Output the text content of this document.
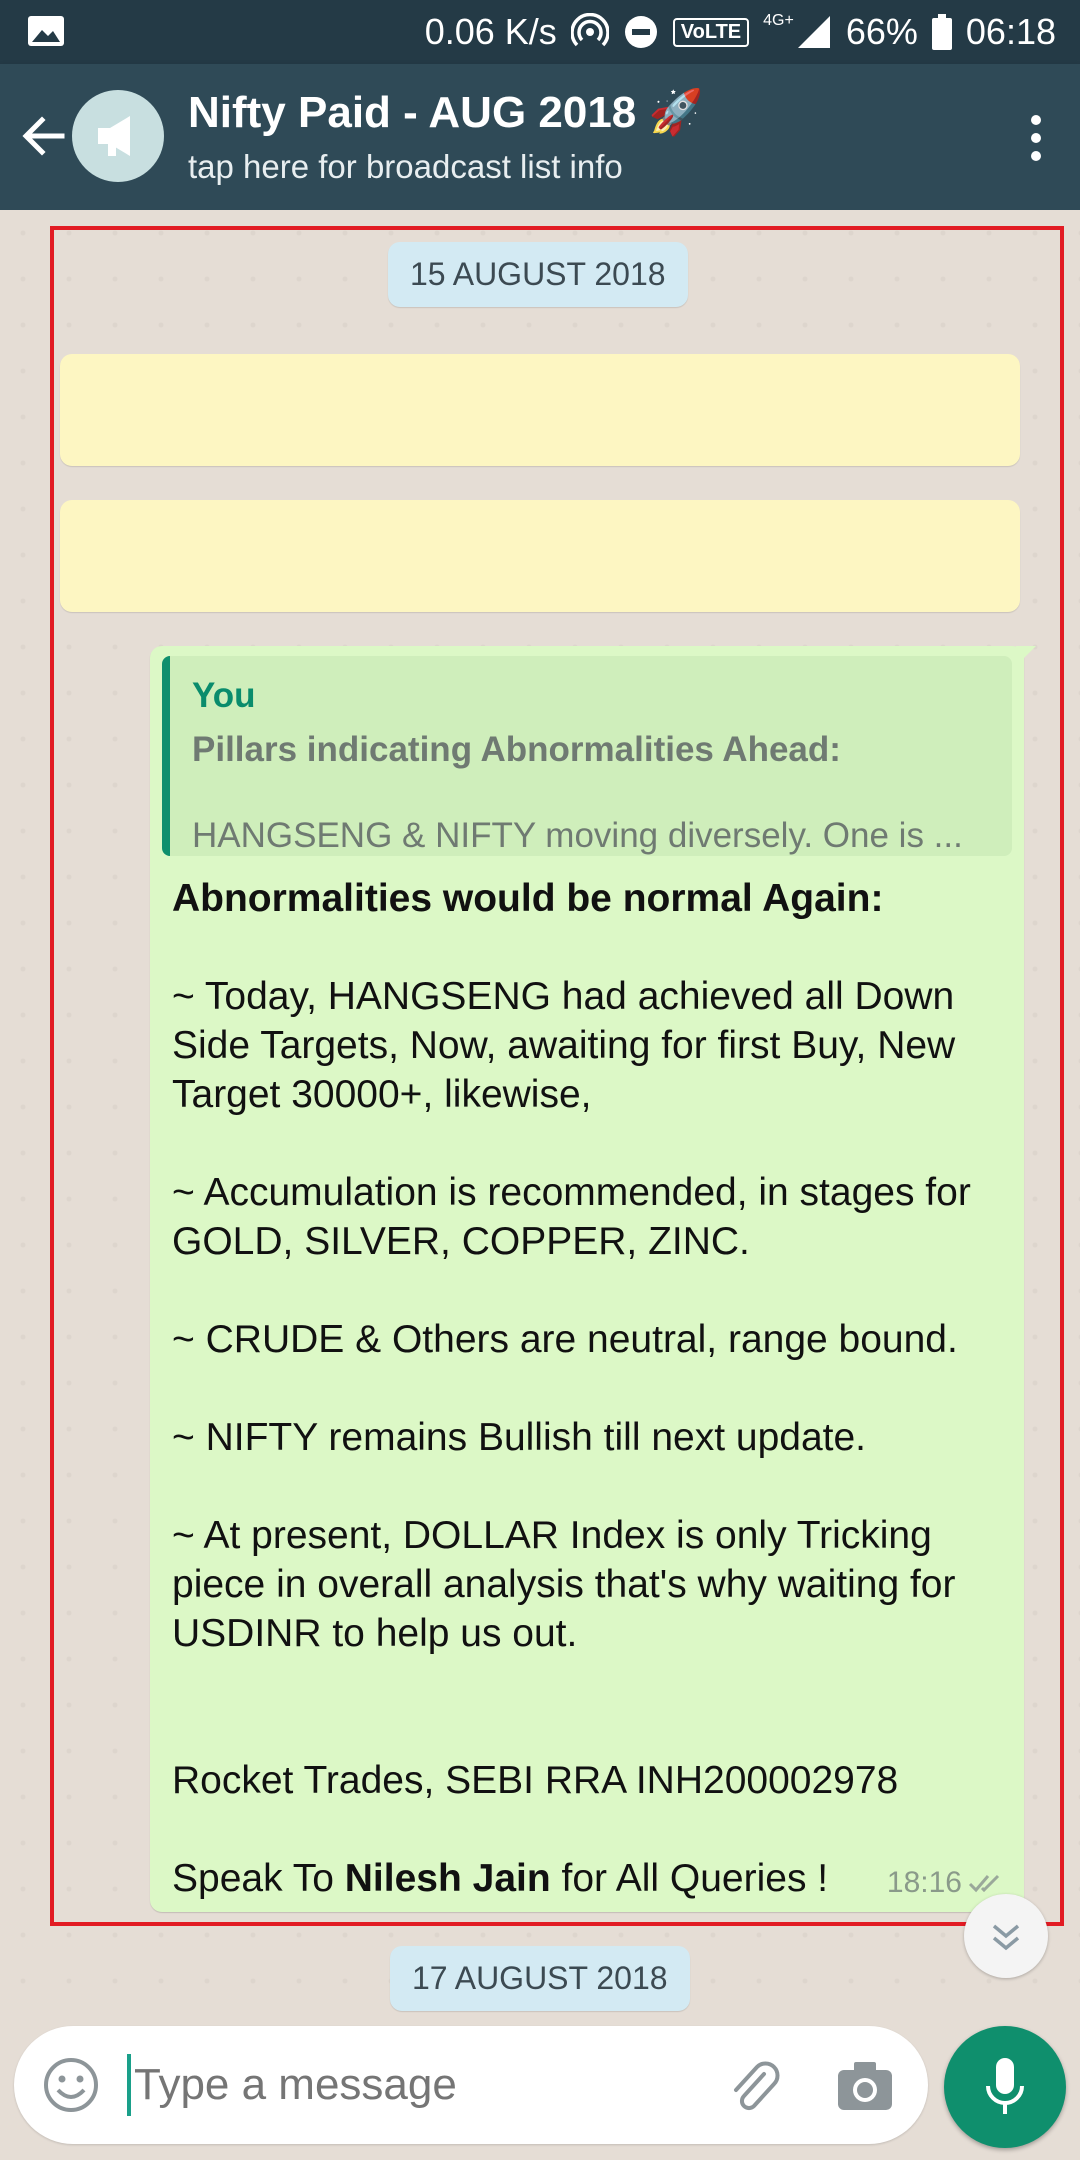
0.06 K/s	VoLTE	4G+ 66% 06:18
Nifty Paid - AUG 2018 🚀
tap here for broadcast list info
15 AUGUST 2018
You
Pillars indicating Abnormalities Ahead:
HANGSENG & NIFTY moving diversely. One is ...

Abnormalities would be normal Again:

~ Today, HANGSENG had achieved all Down Side Targets, Now, awaiting for first Buy, New Target 30000+, likewise,

~ Accumulation is recommended, in stages for GOLD, SILVER, COPPER, ZINC.

~ CRUDE & Others are neutral, range bound.

~ NIFTY remains Bullish till next update.

~ At present, DOLLAR Index is only Tricking piece in overall analysis that's why waiting for USDINR to help us out.

Rocket Trades, SEBI RRA INH200002978

Speak To Nilesh Jain for All Queries !	18:16
17 AUGUST 2018
Type a message
